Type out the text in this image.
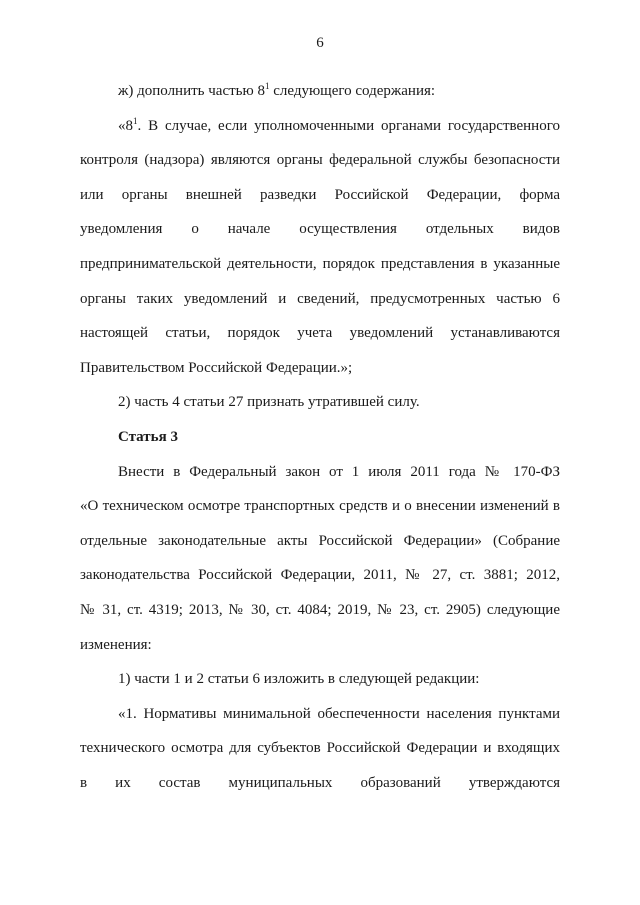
6
ж) дополнить частью $8^1$ следующего содержания:
«$8^1$. В случае, если уполномоченными органами государственного
контроля (надзора) являются органы федеральной службы безопасности
или органы внешней разведки Российской Федерации, форма
уведомления о начале осуществления отдельных видов
предпринимательской деятельности, порядок представления в указанные
органы таких уведомлений и сведений, предусмотренных частью 6
настоящей статьи, порядок учета уведомлений устанавливаются
Правительством Российской Федерации.»;
2) часть 4 статьи 27 признать утратившей силу.
Статья 3
Внести в Федеральный закон от 1 июля 2011 года № 170-ФЗ
«О техническом осмотре транспортных средств и о внесении изменений в
отдельные законодательные акты Российской Федерации» (Собрание
законодательства Российской Федерации, 2011, № 27, ст. 3881; 2012,
№ 31, ст. 4319; 2013, № 30, ст. 4084; 2019, № 23, ст. 2905) следующие
изменения:
1) части 1 и 2 статьи 6 изложить в следующей редакции:
«1. Нормативы минимальной обеспеченности населения пунктами
технического осмотра для субъектов Российской Федерации и входящих
в их состав муниципальных образований утверждаются
